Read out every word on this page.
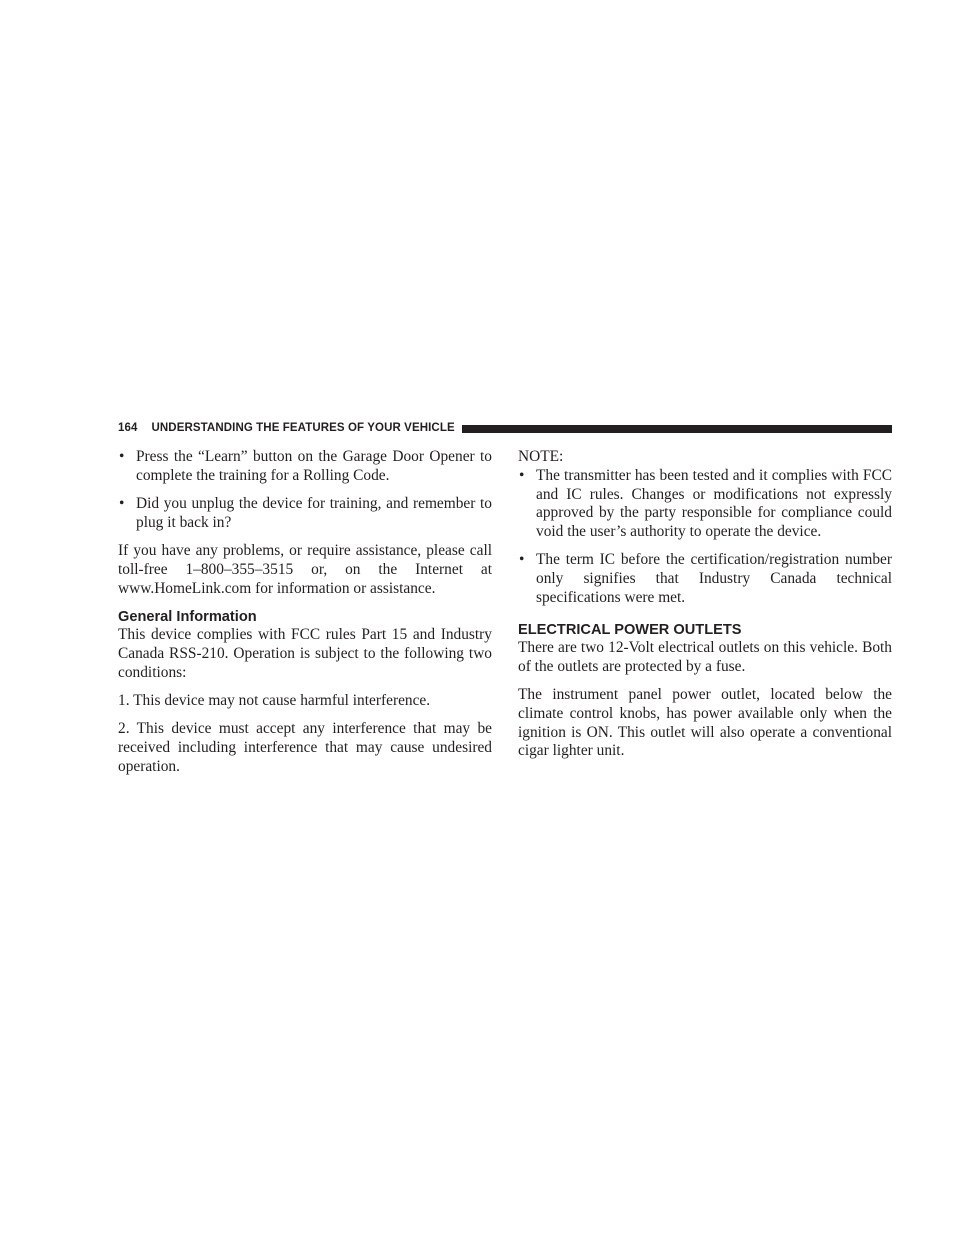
164 UNDERSTANDING THE FEATURES OF YOUR VEHICLE
• Press the “Learn” button on the Garage Door Opener to complete the training for a Rolling Code.
• Did you unplug the device for training, and remember to plug it back in?

If you have any problems, or require assistance, please call toll-free 1–800–355–3515 or, on the Internet at www.HomeLink.com for information or assistance.

General Information

This device complies with FCC rules Part 15 and Industry Canada RSS-210. Operation is subject to the following two conditions:

1. This device may not cause harmful interference.

2. This device must accept any interference that may be received including interference that may cause undesired operation.

NOTE:

• The transmitter has been tested and it complies with FCC and IC rules. Changes or modifications not expressly approved by the party responsible for compliance could void the user’s authority to operate the device.
• The term IC before the certification/registration number only signifies that Industry Canada technical specifications were met.
ELECTRICAL POWER OUTLETS

There are two 12-Volt electrical outlets on this vehicle. Both of the outlets are protected by a fuse.

The instrument panel power outlet, located below the climate control knobs, has power available only when the ignition is ON. This outlet will also operate a conventional cigar lighter unit.
